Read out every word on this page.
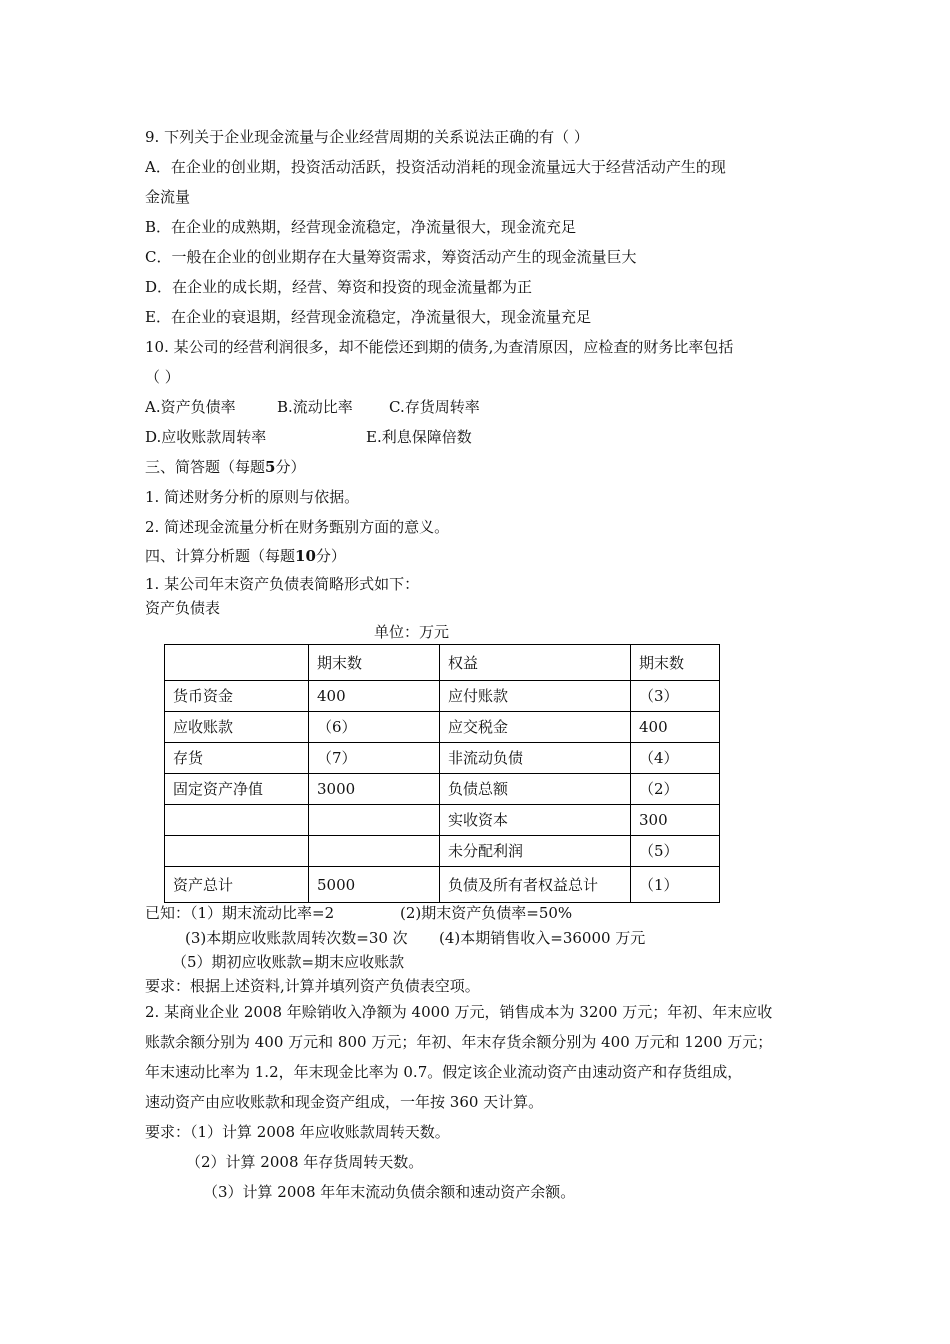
9. 下列关于企业现金流量与企业经营周期的关系说法正确的有（ ）
A．在企业的创业期，投资活动活跃，投资活动消耗的现金流量远大于经营活动产生的现
金流量
B．在企业的成熟期，经营现金流稳定，净流量很大，现金流充足
C．一般在企业的创业期存在大量筹资需求，筹资活动产生的现金流量巨大
D．在企业的成长期，经营、筹资和投资的现金流量都为正
E．在企业的衰退期，经营现金流稳定，净流量很大，现金流量充足
10. 某公司的经营利润很多，却不能偿还到期的债务,为查清原因，应检查的财务比率包括
（ ）
A.资产负债率	B.流动比率 C.存货周转率
D.应收账款周转率	E.利息保障倍数
三、简答题（每题5分）
1. 简述财务分析的原则与依据。
2. 简述现金流量分析在财务甄别方面的意义。
四、计算分析题（每题10分）
1. 某公司年末资产负债表简略形式如下：
资产负债表
单位：万元
	期末数	权益	期末数
货币资金	400	应付账款	（3）
应收账款	（6）	应交税金	400
存货	（7）	非流动负债	（4）
固定资产净值	3000	负债总额	（2）
		实收资本	300
		未分配利润	（5）
资产总计	5000	负债及所有者权益总计	（1）
已知：（1）期末流动比率=2	(2)期末资产负债率=50%
(3)本期应收账款周转次数=30 次 (4)本期销售收入=36000 万元
（5）期初应收账款=期末应收账款
要求：根据上述资料,计算并填列资产负债表空项。
2. 某商业企业 2008 年赊销收入净额为 4000 万元，销售成本为 3200 万元；年初、年末应收
账款余额分别为 400 万元和 800 万元；年初、年末存货余额分别为 400 万元和 1200 万元；
年末速动比率为 1.2，年末现金比率为 0.7。假定该企业流动资产由速动资产和存货组成，
速动资产由应收账款和现金资产组成，一年按 360 天计算。
要求：（1）计算 2008 年应收账款周转天数。
（2）计算 2008 年存货周转天数。
（3）计算 2008 年年末流动负债余额和速动资产余额。
